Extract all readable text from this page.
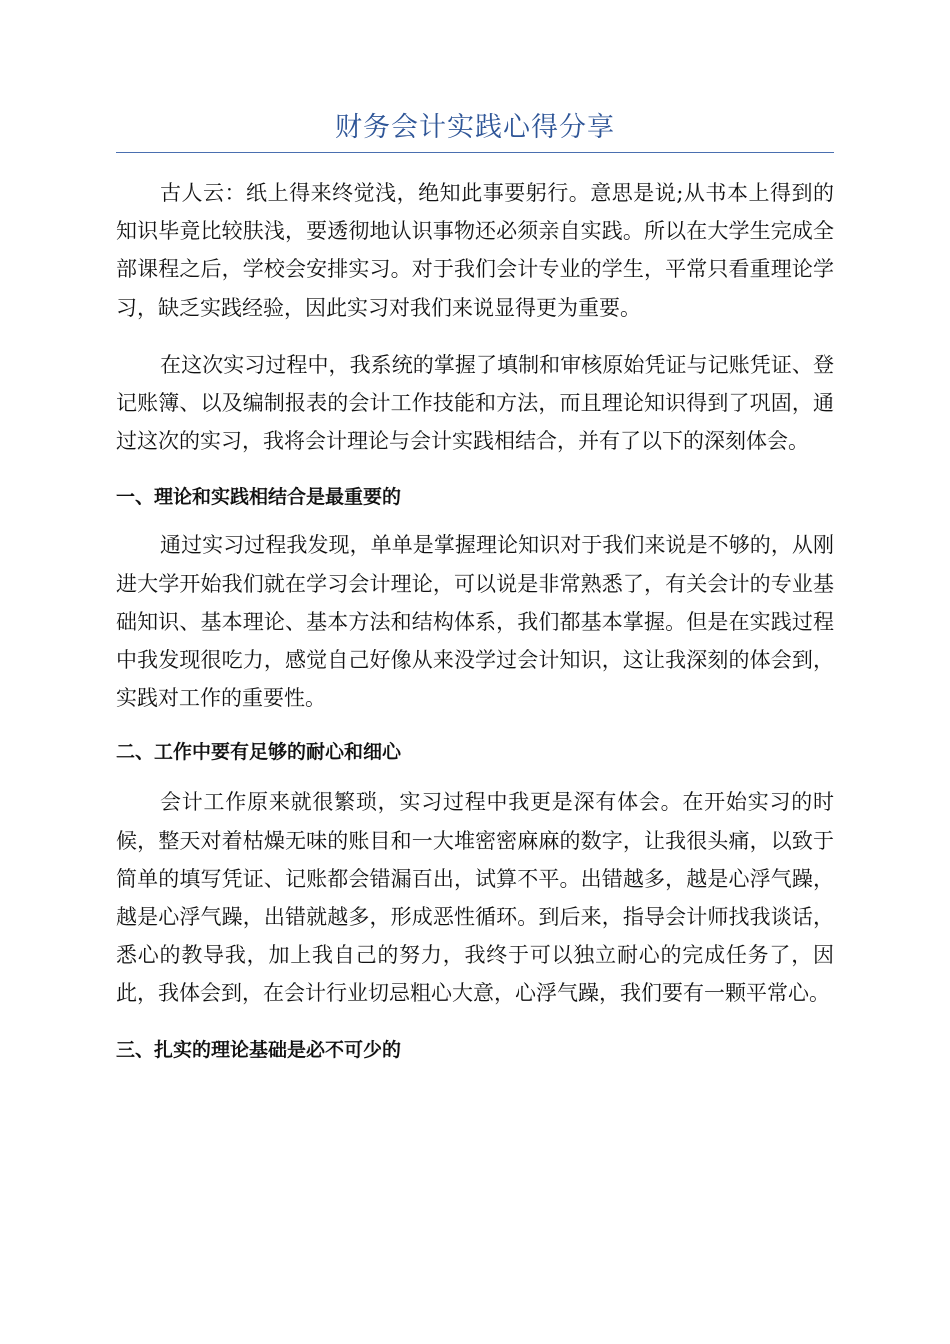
财务会计实践心得分享

古人云：纸上得来终觉浅，绝知此事要躬行。意思是说;从书本上得到的知识毕竟比较肤浅，要透彻地认识事物还必须亲自实践。所以在大学生完成全部课程之后，学校会安排实习。对于我们会计专业的学生，平常只看重理论学习，缺乏实践经验，因此实习对我们来说显得更为重要。

在这次实习过程中，我系统的掌握了填制和审核原始凭证与记账凭证、登记账簿、以及编制报表的会计工作技能和方法，而且理论知识得到了巩固，通过这次的实习，我将会计理论与会计实践相结合，并有了以下的深刻体会。

一、理论和实践相结合是最重要的

通过实习过程我发现，单单是掌握理论知识对于我们来说是不够的，从刚进大学开始我们就在学习会计理论，可以说是非常熟悉了，有关会计的专业基础知识、基本理论、基本方法和结构体系，我们都基本掌握。但是在实践过程中我发现很吃力，感觉自己好像从来没学过会计知识，这让我深刻的体会到，实践对工作的重要性。

二、工作中要有足够的耐心和细心

会计工作原来就很繁琐，实习过程中我更是深有体会。在开始实习的时候，整天对着枯燥无味的账目和一大堆密密麻麻的数字，让我很头痛，以致于简单的填写凭证、记账都会错漏百出，试算不平。出错越多，越是心浮气躁，越是心浮气躁，出错就越多，形成恶性循环。到后来，指导会计师找我谈话，悉心的教导我，加上我自己的努力，我终于可以独立耐心的完成任务了，因此，我体会到，在会计行业切忌粗心大意，心浮气躁，我们要有一颗平常心。

三、扎实的理论基础是必不可少的
